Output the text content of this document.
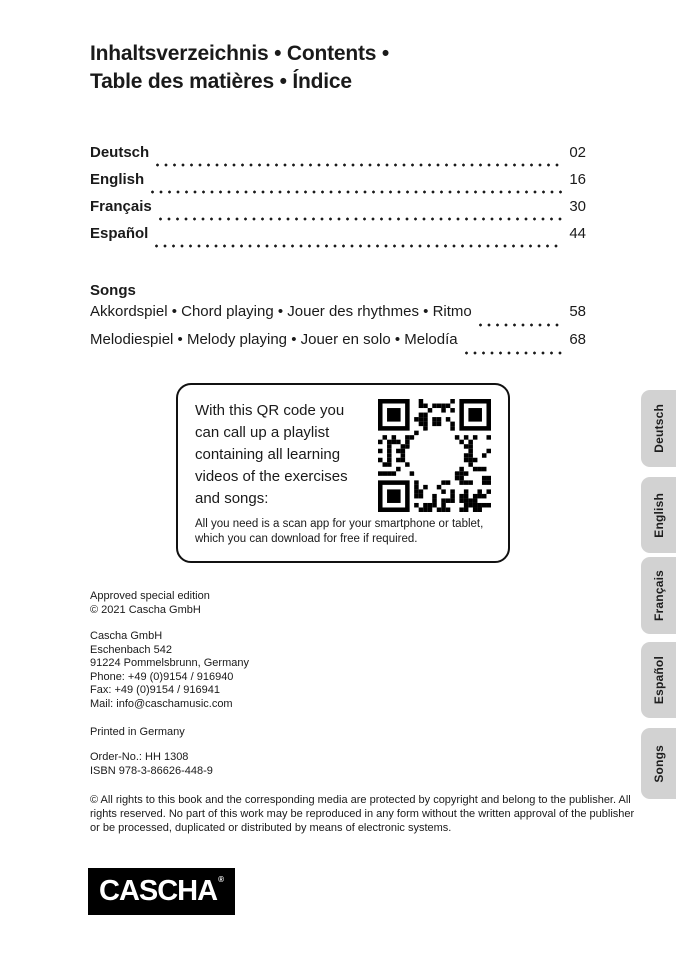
Inhaltsverzeichnis • Contents •
Table des matières • Índice
Deutsch	02
English	16
Français	30
Español	44
Songs
Akkordspiel • Chord playing • Jouer des rhythmes • Ritmo	58
Melodiespiel • Melody playing • Jouer en solo • Melodía	68

With this QR code you can call up a playlist containing all learning videos of the exercises and songs:

All you need is a scan app for your smartphone or tablet, which you can download for free if required.

Approved special edition
© 2021 Cascha GmbH
Cascha GmbH
Eschenbach 542
91224 Pommelsbrunn, Germany
Phone: +49 (0)9154 / 916940
Fax: +49 (0)9154 / 916941
Mail: info@caschamusic.com
Printed in Germany
Order-No.: HH 1308
ISBN 978-3-86626-448-9

© All rights to this book and the corresponding media are protected by copyright and belong to the publisher. All rights reserved. No part of this work may be reproduced in any form without the written approval of the publisher or be processed, duplicated or distributed by means of electronic systems.

CASCHA ®
Deutsch
English
Français
Español
Songs
